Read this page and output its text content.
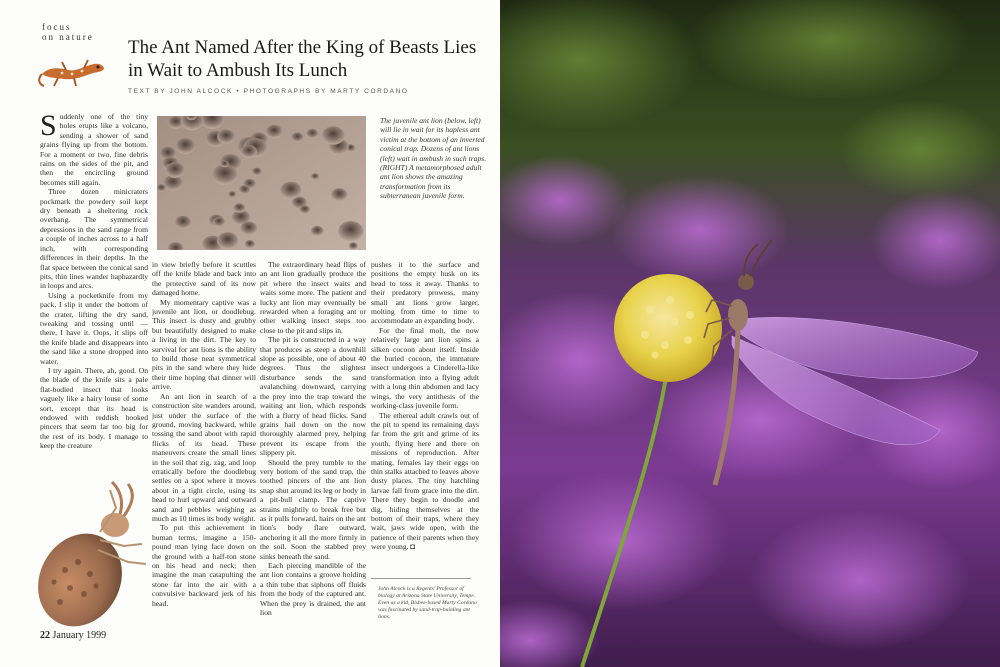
focus
on nature The Ant Named After the King of Beasts Lies in Wait to Ambush Its Lunch
TEXT BY JOHN ALCOCK • PHOTOGRAPHS BY MARTY CORDANO

Suddenly one of the tiny holes erupts like a volcano, sending a shower of sand grains flying up from the bottom. For a moment or two, fine debris rains on the sides of the pit, and then the encircling ground becomes still again.

Three dozen minicraters pockmark the powdery soil kept dry beneath a sheltering rock overhang. The symmetrical depressions in the sand range from a couple of inches across to a half inch, with corresponding differences in their depths. In the flat space between the conical sand pits, thin lines wander haphazardly in loops and arcs.

Using a pocketknife from my pack, I slip it under the bottom of the crater, lifting the dry sand, tweaking and tossing until — there, I have it. Oops, it slips off the knife blade and disappears into the sand like a stone dropped into water.

I try again. There, ah, good. On the blade of the knife sits a pale flat-bodied insect that looks vaguely like a hairy louse of some sort, except that its head is endowed with reddish hooked pincers that seem far too big for the rest of its body. I manage to keep the creature

The juvenile ant lion (below, left) will lie in wait for its hapless ant victim at the bottom of an inverted conical trap. Dozens of ant lions (left) wait in ambush in such traps. (RIGHT) A metamorphosed adult ant lion shows the amazing transformation from its subterranean juvenile form.

in view briefly before it scuttles off the knife blade and back into the protective sand of its now damaged home.

My momentary captive was a juvenile ant lion, or doodlebug. This insect is dusty and grubby but beautifully designed to make a living in the dirt. The key to survival for ant lions is the ability to build those neat symmetrical pits in the sand where they hide their time hoping that dinner will arrive.

An ant lion in search of a construction site wanders around, just under the surface of the ground, moving backward, while tossing the sand about with rapid flicks of its head. These maneuvers create the small lines in the soil that zig, zag, and loop erratically before the doodlebug settles on a spot where it moves about in a tight circle, using its head to hurl upward and outward sand and pebbles weighing as much as 10 times its body weight.

To put this achievement in human terms, imagine a 150-pound man lying face down on the ground with a half-ton stone on his head and neck; then imagine the man catapulting the stone far into the air with a convulsive backward jerk of his head.

The extraordinary head flips of an ant lion gradually produce the pit where the insect waits and waits some more. The patient and lucky ant lion may eventually be rewarded when a foraging ant or other walking insect steps too close to the pit and slips in.

The pit is constructed in a way that produces as steep a downhill slope as possible, one of about 40 degrees. Thus the slightest disturbance sends the sand avalanching downward, carrying the prey into the trap toward the waiting ant lion, which responds with a flurry of head flicks. Sand grains hail down on the now thoroughly alarmed prey, helping prevent its escape from the slippery pit.

Should the prey tumble to the very bottom of the sand trap, the toothed pincers of the ant lion snap shut around its leg or body in a pit-bull clamp. The captive strains mightily to break free but as it pulls forward, hairs on the ant lion's body flare outward, anchoring it all the more firmly in the soil. Soon the stabbed prey sinks beneath the sand.

Each piercing mandible of the ant lion contains a groove holding a thin tube that siphons off fluids from the body of the captured ant. When the prey is drained, the ant lion

pushes it to the surface and positions the empty husk on its head to toss it away. Thanks to their predatory prowess, many small ant lions grow larger, molting from time to time to accommodate an expanding body.

For the final molt, the now relatively large ant lion spins a silken cocoon about itself. Inside the buried cocoon, the immature insect undergoes a Cinderella-like transformation into a flying adult with a long thin abdomen and lacy wings, the very antithesis of the working-class juvenile form.

The ethereal adult crawls out of the pit to spend its remaining days far from the grit and grime of its youth, flying here and there on missions of reproduction. After mating, females lay their eggs on thin stalks attached to leaves above dusty places. The tiny hatchling larvae fall from grace into the dirt. There they begin to doodle and dig, hiding themselves at the bottom of their traps, where they wait, jaws wide open, with the patience of their parents when they were young. ◘

John Alcock is a Regents' Professor of biology at Arizona State University, Tempe. Even as a kid, Bisbee-based Marty Cordano was fascinated by sand-trap-building ant lions.
22 January 1999
